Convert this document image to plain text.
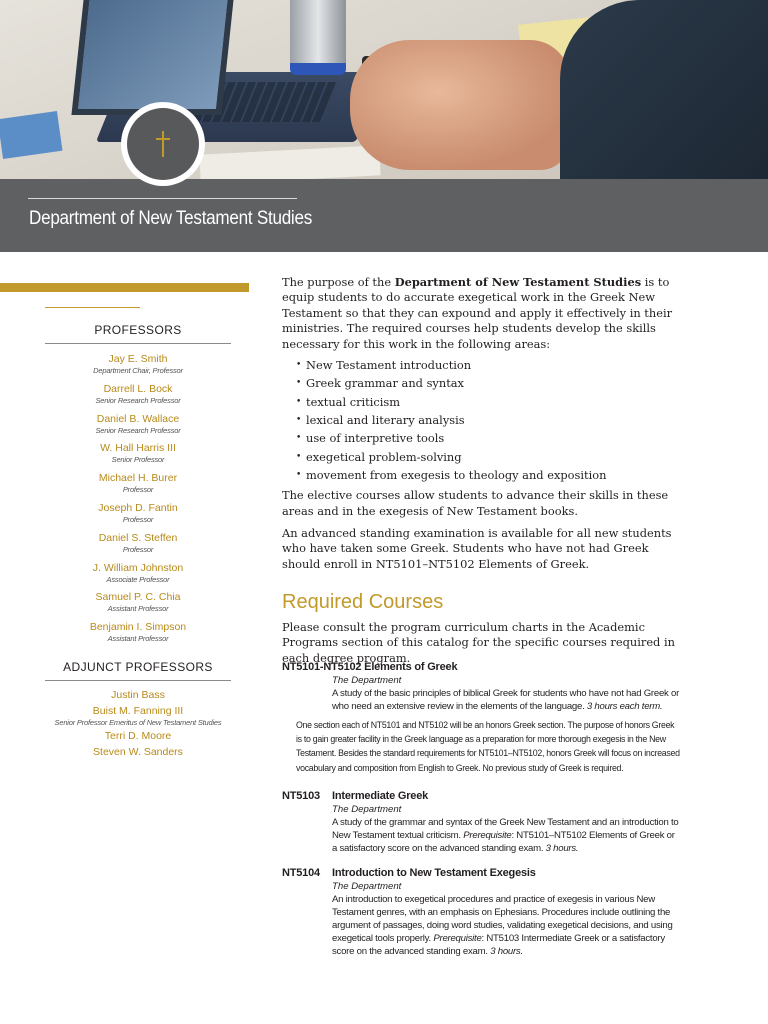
Department of New Testament Studies
PROFESSORS
Jay E. Smith
Department Chair, Professor
Darrell L. Bock
Senior Research Professor
Daniel B. Wallace
Senior Research Professor
W. Hall Harris III
Senior Professor
Michael H. Burer
Professor
Joseph D. Fantin
Professor
Daniel S. Steffen
Professor
J. William Johnston
Associate Professor
Samuel P. C. Chia
Assistant Professor
Benjamin I. Simpson
Assistant Professor
ADJUNCT PROFESSORS
Justin Bass
Buist M. Fanning III
Senior Professor Emeritus of New Testament Studies
Terri D. Moore
Steven W. Sanders

The purpose of the Department of New Testament Studies is to equip students to do accurate exegetical work in the Greek New Testament so that they can expound and apply it effectively in their ministries. The required courses help students develop the skills necessary for this work in the following areas:

• New Testament introduction
• Greek grammar and syntax
• textual criticism
• lexical and literary analysis
• use of interpretive tools
• exegetical problem-solving
• movement from exegesis to theology and exposition

The elective courses allow students to advance their skills in these areas and in the exegesis of New Testament books.

An advanced standing examination is available for all new students who have taken some Greek. Students who have not had Greek should enroll in NT5101–NT5102 Elements of Greek.

Required Courses

Please consult the program curriculum charts in the Academic Programs section of this catalog for the specific courses required in each degree program.

NT5101-NT5102 Elements of Greek
The Department
A study of the basic principles of biblical Greek for students who have not had Greek or who need an extensive review in the elements of the language. 3 hours each term.
One section each of NT5101 and NT5102 will be an honors Greek section. The purpose of honors Greek is to gain greater facility in the Greek language as a preparation for more thorough exegesis in the New Testament. Besides the standard requirements for NT5101–NT5102, honors Greek will focus on increased vocabulary and composition from English to Greek. No previous study of Greek is required.
NT5103 Intermediate Greek
The Department
A study of the grammar and syntax of the Greek New Testament and an introduction to New Testament textual criticism. Prerequisite: NT5101–NT5102 Elements of Greek or a satisfactory score on the advanced standing exam. 3 hours.
NT5104 Introduction to New Testament Exegesis
The Department
An introduction to exegetical procedures and practice of exegesis in various New Testament genres, with an emphasis on Ephesians. Procedures include outlining the argument of passages, doing word studies, validating exegetical decisions, and using exegetical tools properly. Prerequisite: NT5103 Intermediate Greek or a satisfactory score on the advanced standing exam. 3 hours.
